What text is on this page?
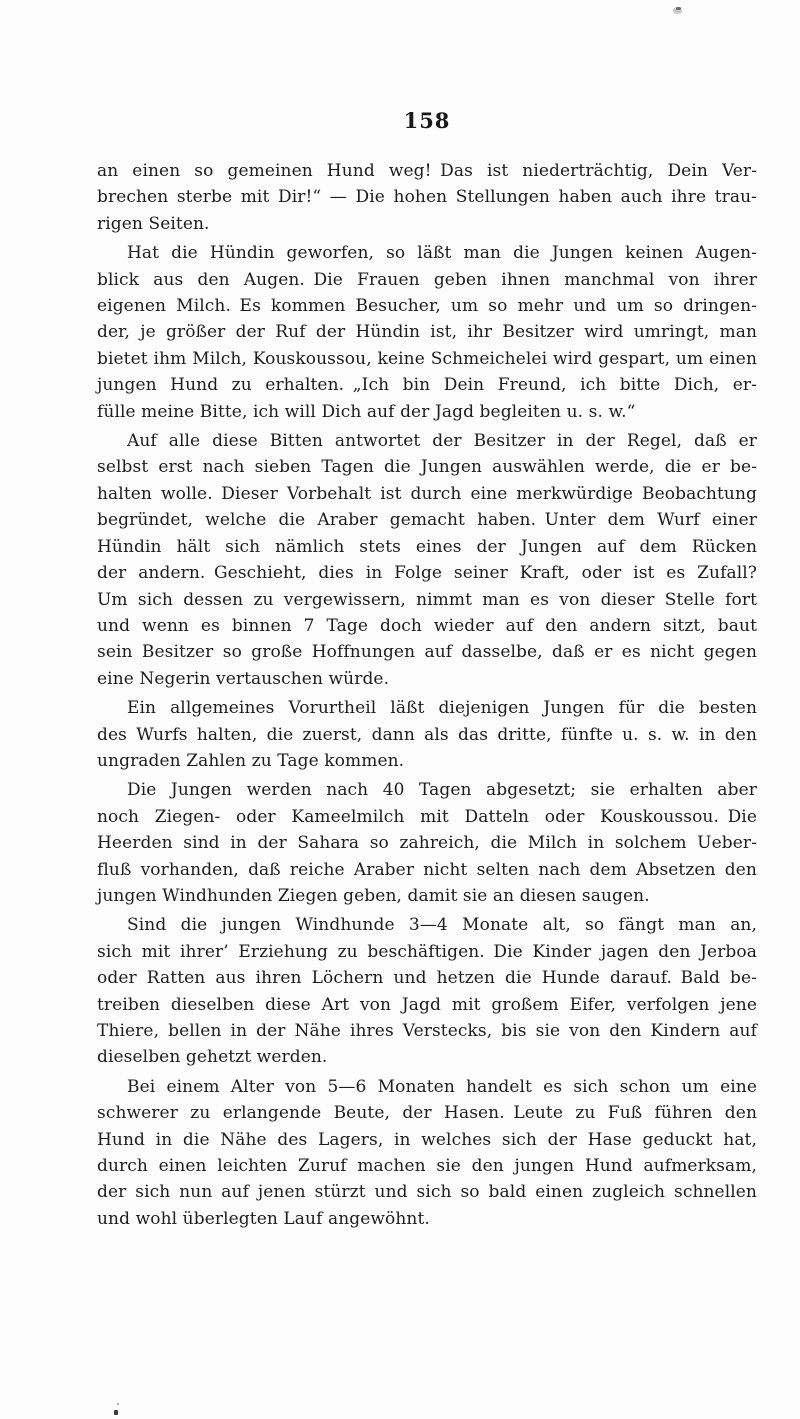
158
an einen so gemeinen Hund weg! Das ist niederträchtig, Dein Ver-
brechen sterbe mit Dir!“ — Die hohen Stellungen haben auch ihre trau-
rigen Seiten.
Hat die Hündin geworfen, so läßt man die Jungen keinen Augen-
blick aus den Augen. Die Frauen geben ihnen manchmal von ihrer
eigenen Milch. Es kommen Besucher, um so mehr und um so dringen-
der, je größer der Ruf der Hündin ist, ihr Besitzer wird umringt, man
bietet ihm Milch, Kouskoussou, keine Schmeichelei wird gespart, um einen
jungen Hund zu erhalten. „Ich bin Dein Freund, ich bitte Dich, er-
fülle meine Bitte, ich will Dich auf der Jagd begleiten u. s. w.“
Auf alle diese Bitten antwortet der Besitzer in der Regel, daß er
selbst erst nach sieben Tagen die Jungen auswählen werde, die er be-
halten wolle. Dieser Vorbehalt ist durch eine merkwürdige Beobachtung
begründet, welche die Araber gemacht haben. Unter dem Wurf einer
Hündin hält sich nämlich stets eines der Jungen auf dem Rücken
der andern. Geschieht, dies in Folge seiner Kraft, oder ist es Zufall?
Um sich dessen zu vergewissern, nimmt man es von dieser Stelle fort
und wenn es binnen 7 Tage doch wieder auf den andern sitzt, baut
sein Besitzer so große Hoffnungen auf dasselbe, daß er es nicht gegen
eine Negerin vertauschen würde.
Ein allgemeines Vorurtheil läßt diejenigen Jungen für die besten
des Wurfs halten, die zuerst, dann als das dritte, fünfte u. s. w. in den
ungraden Zahlen zu Tage kommen.
Die Jungen werden nach 40 Tagen abgesetzt; sie erhalten aber
noch Ziegen- oder Kameelmilch mit Datteln oder Kouskoussou. Die
Heerden sind in der Sahara so zahreich, die Milch in solchem Ueber-
fluß vorhanden, daß reiche Araber nicht selten nach dem Absetzen den
jungen Windhunden Ziegen geben, damit sie an diesen saugen.
Sind die jungen Windhunde 3—4 Monate alt, so fängt man an,
sich mit ihrer’ Erziehung zu beschäftigen. Die Kinder jagen den Jerboa
oder Ratten aus ihren Löchern und hetzen die Hunde darauf. Bald be-
treiben dieselben diese Art von Jagd mit großem Eifer, verfolgen jene
Thiere, bellen in der Nähe ihres Verstecks, bis sie von den Kindern auf
dieselben gehetzt werden.
Bei einem Alter von 5—6 Monaten handelt es sich schon um eine
schwerer zu erlangende Beute, der Hasen. Leute zu Fuß führen den
Hund in die Nähe des Lagers, in welches sich der Hase geduckt hat,
durch einen leichten Zuruf machen sie den jungen Hund aufmerksam,
der sich nun auf jenen stürzt und sich so bald einen zugleich schnellen
und wohl überlegten Lauf angewöhnt.
